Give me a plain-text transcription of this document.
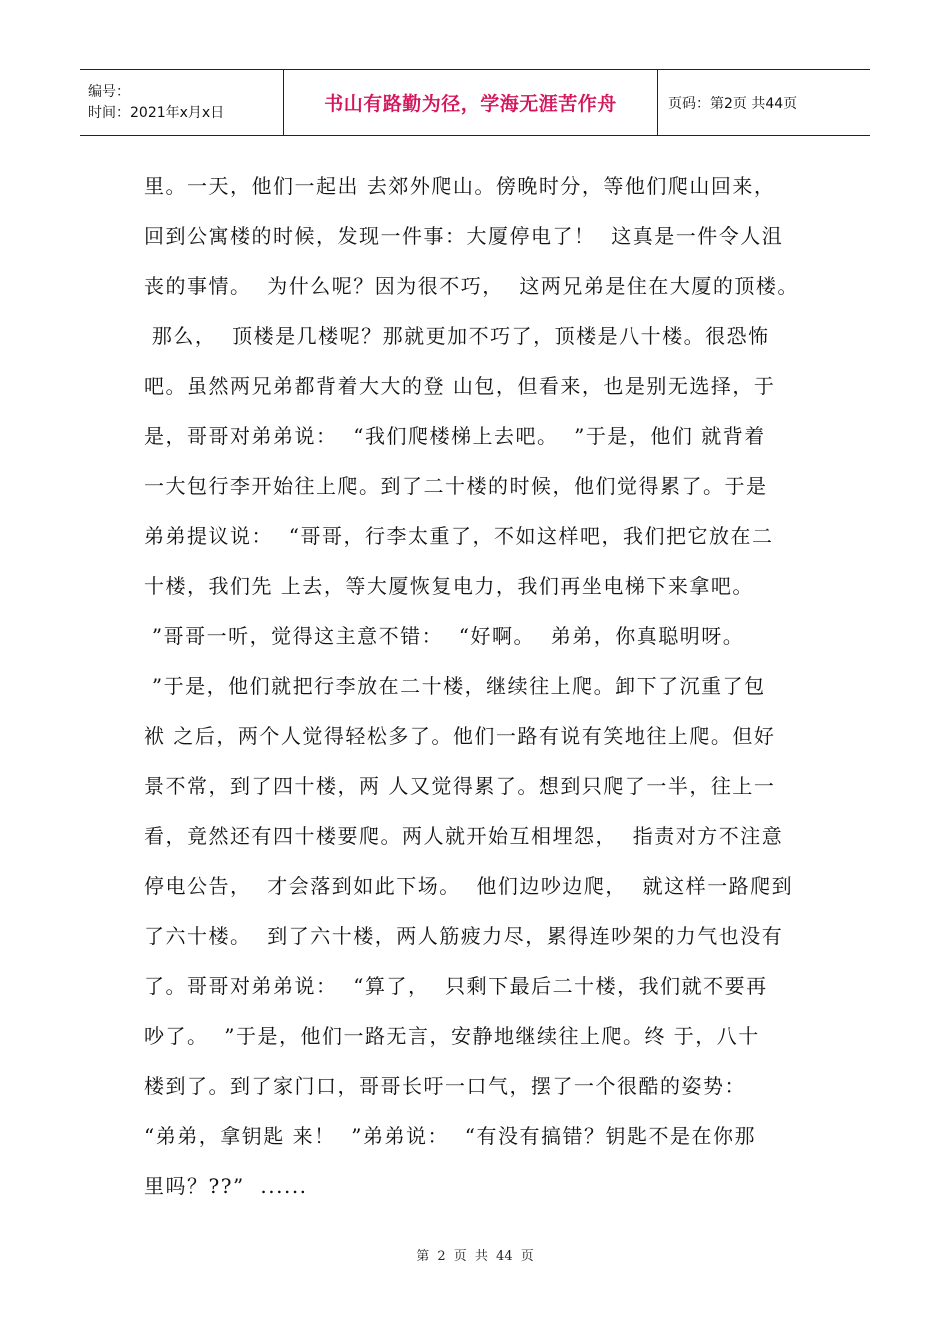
编号：
时间：2021年x月x日	书山有路勤为径，学海无涯苦作舟	页码：第2页 共44页
里。一天，他们一起出 去郊外爬山。傍晚时分，等他们爬山回来，
回到公寓楼的时候，发现一件事：大厦停电了！  这真是一件令人沮
丧的事情。  为什么呢？因为很不巧，  这两兄弟是住在大厦的顶楼。
那么，  顶楼是几楼呢？那就更加不巧了，顶楼是八十楼。很恐怖
吧。虽然两兄弟都背着大大的登 山包，但看来，也是别无选择，于
是，哥哥对弟弟说：  “我们爬楼梯上去吧。  ”于是，他们 就背着
一大包行李开始往上爬。到了二十楼的时候，他们觉得累了。于是
弟弟提议说：  “哥哥，行李太重了，不如这样吧，我们把它放在二
十楼，我们先 上去，等大厦恢复电力，我们再坐电梯下来拿吧。
”哥哥一听，觉得这主意不错：  “好啊。  弟弟，你真聪明呀。
”于是，他们就把行李放在二十楼，继续往上爬。卸下了沉重了包
袱 之后，两个人觉得轻松多了。他们一路有说有笑地往上爬。但好
景不常，到了四十楼，两 人又觉得累了。想到只爬了一半，往上一
看，竟然还有四十楼要爬。两人就开始互相埋怨，  指责对方不注意
停电公告，  才会落到如此下场。  他们边吵边爬，  就这样一路爬到
了六十楼。  到了六十楼，两人筋疲力尽，累得连吵架的力气也没有
了。哥哥对弟弟说：  “算了，  只剩下最后二十楼，我们就不要再
吵了。  ”于是，他们一路无言，安静地继续往上爬。终 于，八十
楼到了。到了家门口，哥哥长吁一口气，摆了一个很酷的姿势：
“弟弟，拿钥匙 来！  ”弟弟说：  “有没有搞错？钥匙不是在你那
里吗？??”  ......
第 2 页 共 44 页
